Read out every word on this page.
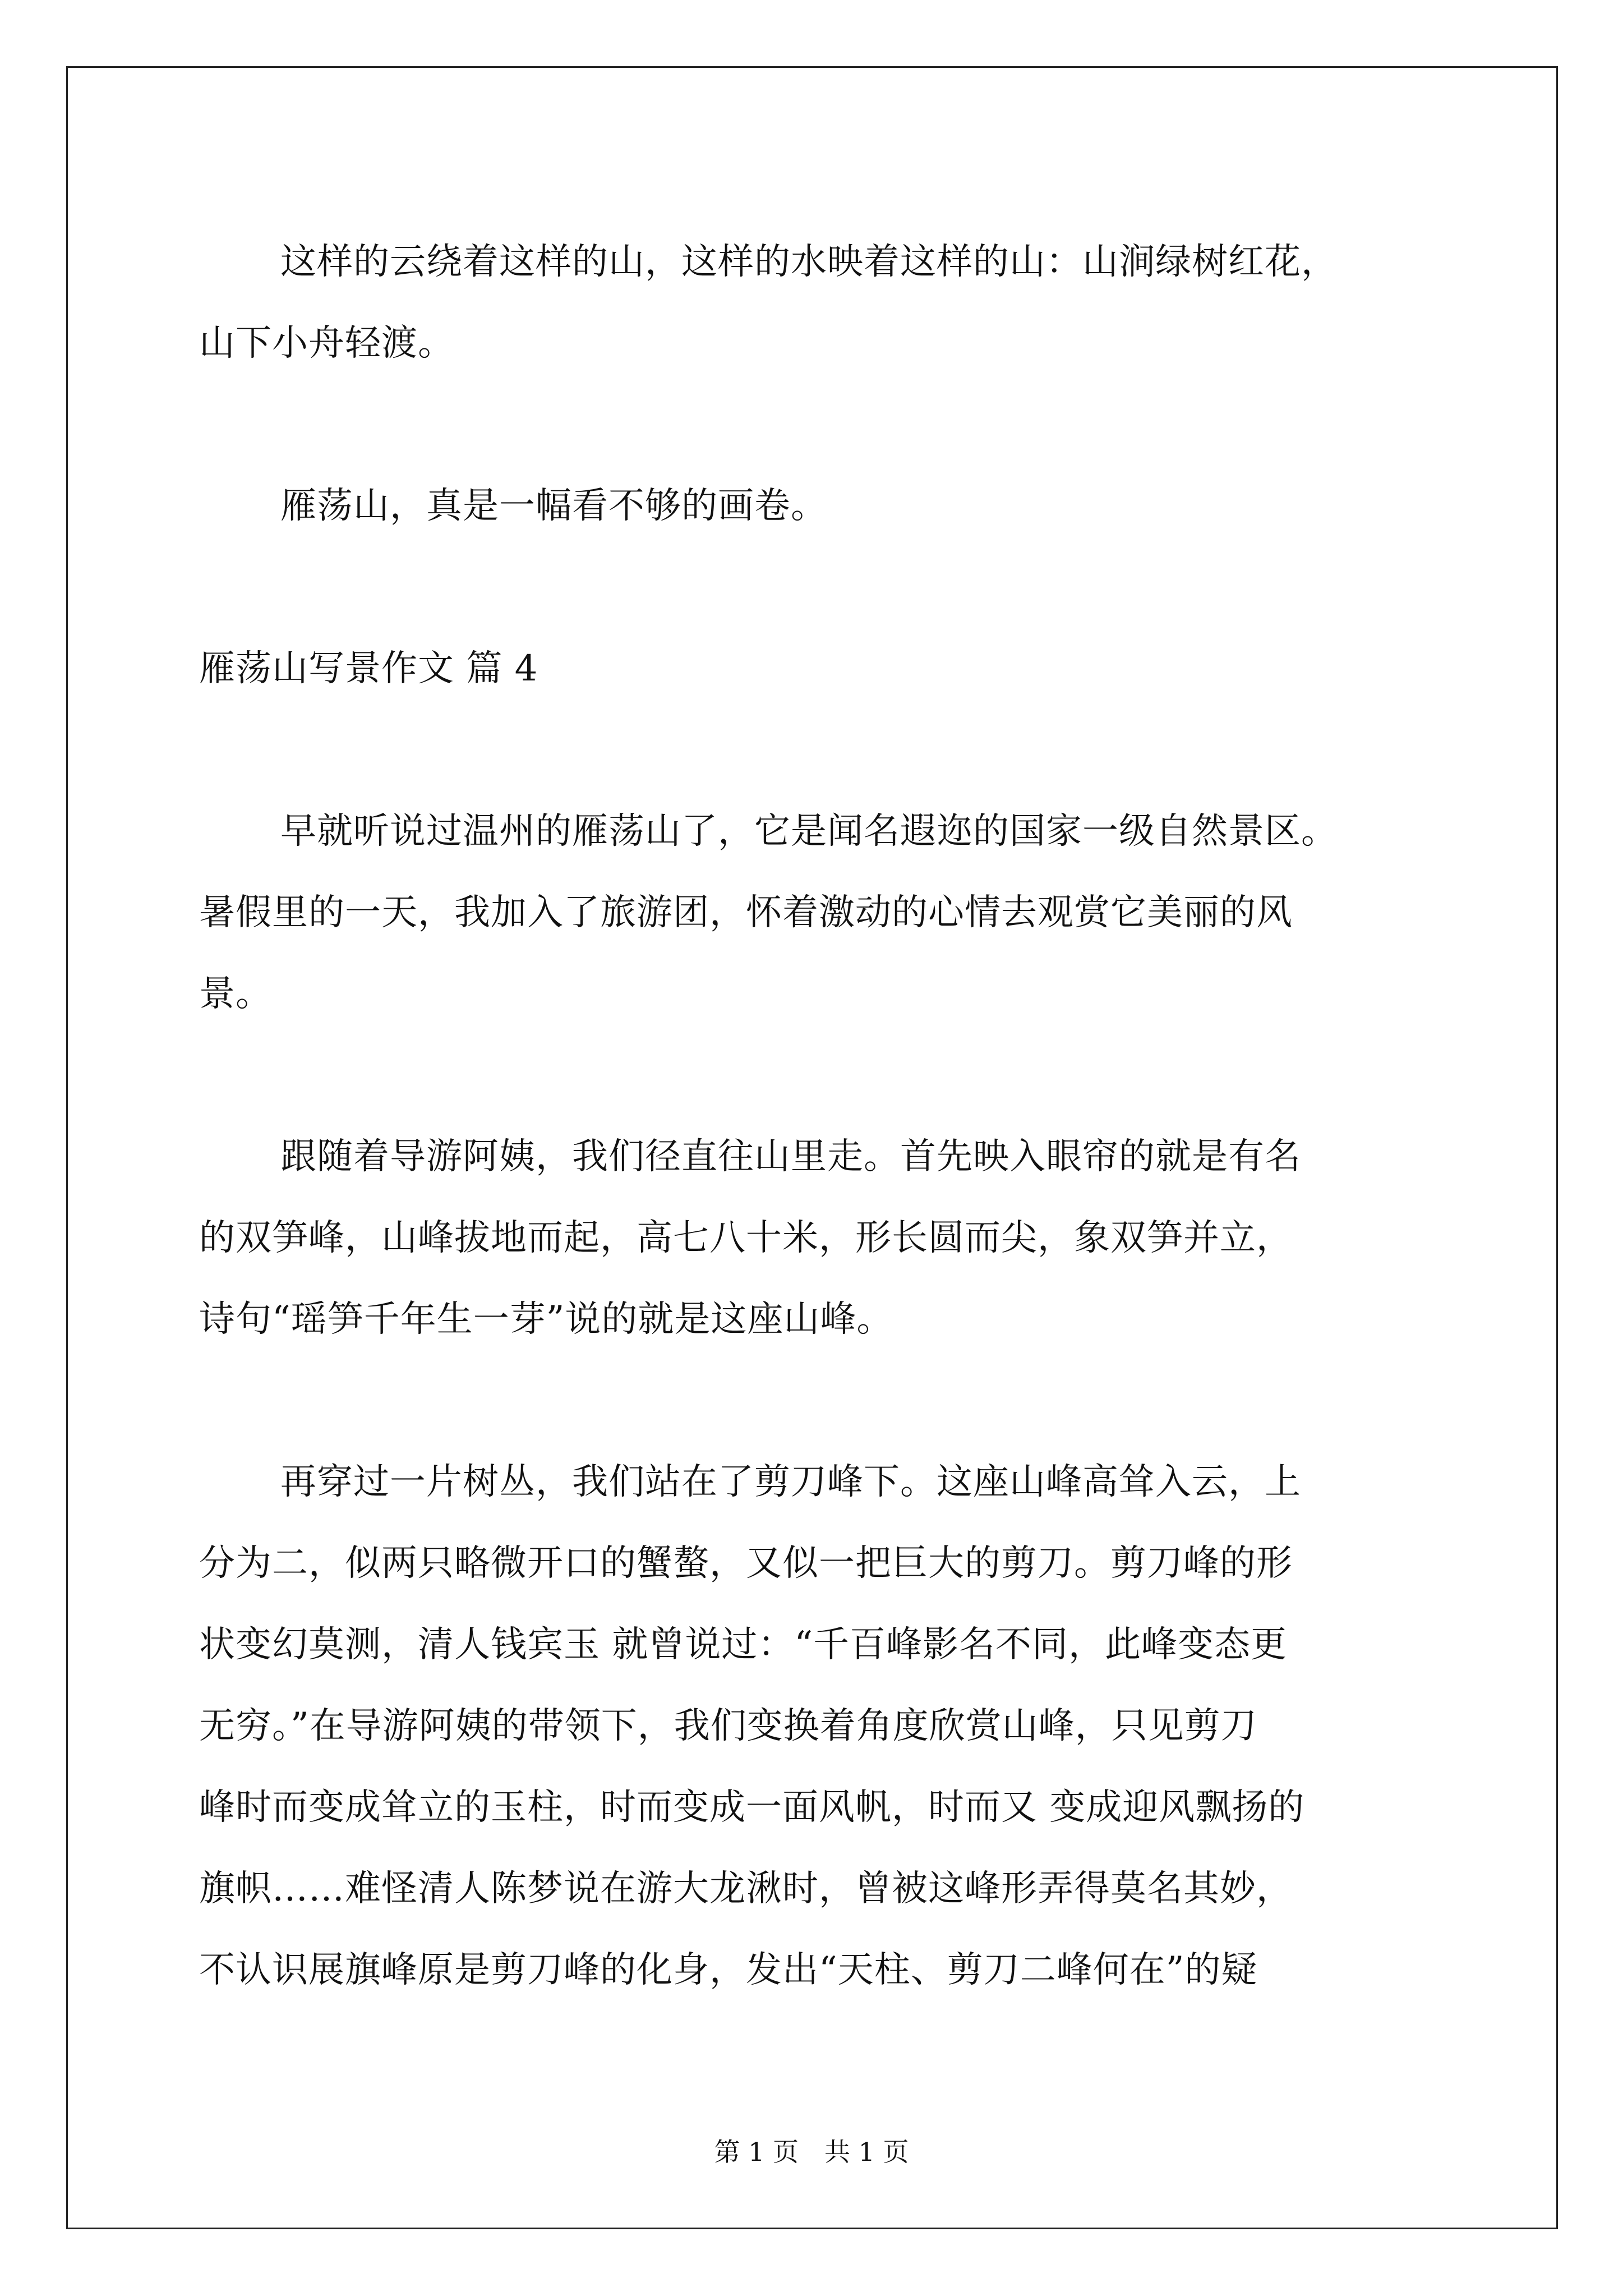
这样的云绕着这样的山，这样的水映着这样的山：山涧绿树红花，
山下小舟轻渡。
雁荡山，真是一幅看不够的画卷。
雁荡山写景作文 篇 4
早就听说过温州的雁荡山了，它是闻名遐迩的国家一级自然景区。
暑假里的一天，我加入了旅游团，怀着激动的心情去观赏它美丽的风
景。
跟随着导游阿姨，我们径直往山里走。首先映入眼帘的就是有名
的双笋峰，山峰拔地而起，高七八十米，形长圆而尖，象双笋并立，
诗句“瑶笋千年生一芽”说的就是这座山峰。
再穿过一片树丛，我们站在了剪刀峰下。这座山峰高耸入云，上
分为二，似两只略微开口的蟹螯，又似一把巨大的剪刀。剪刀峰的形
状变幻莫测，清人钱宾玉 就曾说过：“千百峰影名不同，此峰变态更
无穷。”在导游阿姨的带领下，我们变换着角度欣赏山峰，只见剪刀
峰时而变成耸立的玉柱，时而变成一面风帆，时而又 变成迎风飘扬的
旗帜……难怪清人陈梦说在游大龙湫时，曾被这峰形弄得莫名其妙，
不认识展旗峰原是剪刀峰的化身，发出“天柱、剪刀二峰何在”的疑
第 1 页　共 1 页
